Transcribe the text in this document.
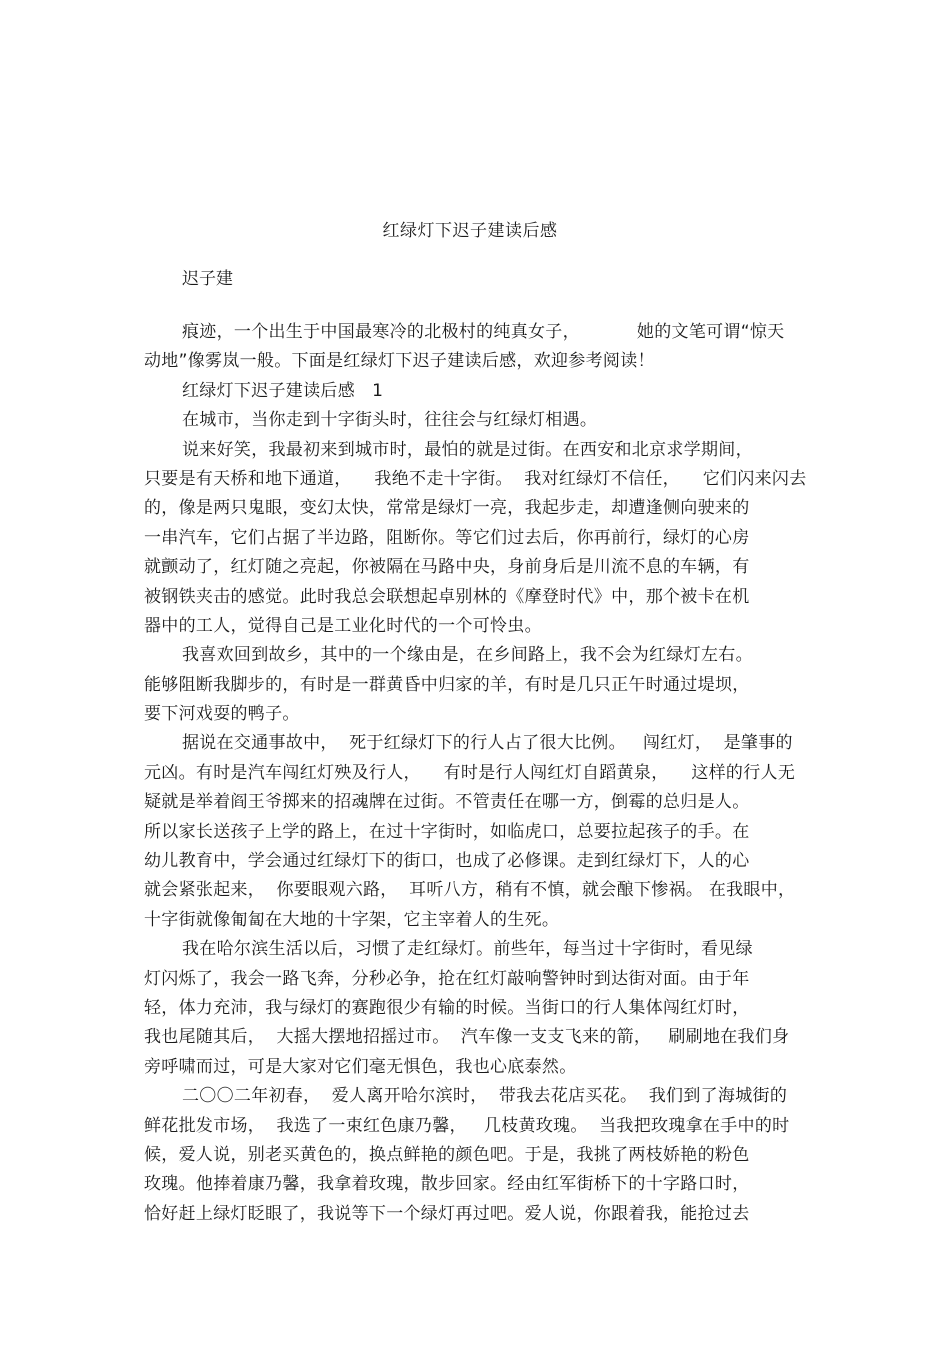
红绿灯下迟子建读后感
迟子建
痕迹，一个出生于中国最寒冷的北极村的纯真女子，          她的文笔可谓“惊天
动地”像雾岚一般。下面是红绿灯下迟子建读后感，欢迎参考阅读！
红绿灯下迟子建读后感   1
在城市，当你走到十字街头时，往往会与红绿灯相遇。
说来好笑，我最初来到城市时，最怕的就是过街。在西安和北京求学期间，
只要是有天桥和地下通道，    我绝不走十字街。  我对红绿灯不信任，    它们闪来闪去
的，像是两只鬼眼，变幻太快，常常是绿灯一亮，我起步走，却遭逢侧向驶来的
一串汽车，它们占据了半边路，阻断你。等它们过去后，你再前行，绿灯的心房
就颤动了，红灯随之亮起，你被隔在马路中央，身前身后是川流不息的车辆，有
被钢铁夹击的感觉。此时我总会联想起卓别林的《摩登时代》中，那个被卡在机
器中的工人，觉得自己是工业化时代的一个可怜虫。
我喜欢回到故乡，其中的一个缘由是，在乡间路上，我不会为红绿灯左右。
能够阻断我脚步的，有时是一群黄昏中归家的羊，有时是几只正午时通过堤坝，
要下河戏耍的鸭子。
据说在交通事故中，  死于红绿灯下的行人占了很大比例。   闯红灯，  是肇事的
元凶。有时是汽车闯红灯殃及行人，    有时是行人闯红灯自蹈黄泉，    这样的行人无
疑就是举着阎王爷掷来的招魂牌在过街。不管责任在哪一方，倒霉的总归是人。
所以家长送孩子上学的路上，在过十字街时，如临虎口，总要拉起孩子的手。在
幼儿教育中，学会通过红绿灯下的街口，也成了必修课。走到红绿灯下，人的心
就会紧张起来，  你要眼观六路，  耳听八方，稍有不慎，就会酿下惨祸。 在我眼中，
十字街就像匍匐在大地的十字架，它主宰着人的生死。
我在哈尔滨生活以后，习惯了走红绿灯。前些年，每当过十字街时，看见绿
灯闪烁了，我会一路飞奔，分秒必争，抢在红灯敲响警钟时到达街对面。由于年
轻，体力充沛，我与绿灯的赛跑很少有输的时候。当街口的行人集体闯红灯时，
我也尾随其后，  大摇大摆地招摇过市。  汽车像一支支飞来的箭，   刷刷地在我们身
旁呼啸而过，可是大家对它们毫无惧色，我也心底泰然。
二〇〇二年初春，  爱人离开哈尔滨时，  带我去花店买花。  我们到了海城街的
鲜花批发市场，  我选了一束红色康乃馨，   几枝黄玫瑰。  当我把玫瑰拿在手中的时
候，爱人说，别老买黄色的，换点鲜艳的颜色吧。于是，我挑了两枝娇艳的粉色
玫瑰。他捧着康乃馨，我拿着玫瑰，散步回家。经由红军街桥下的十字路口时，
恰好赶上绿灯眨眼了，我说等下一个绿灯再过吧。爱人说，你跟着我，能抢过去
